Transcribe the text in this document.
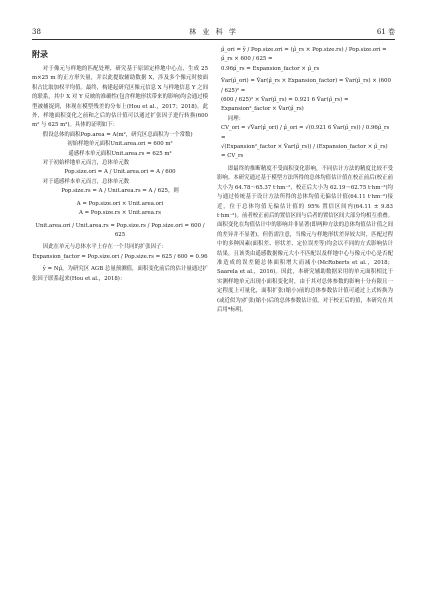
38	林 业 科 学	61 卷
附录

对于像元与样地的匹配处理，研究基于原固定样地中心点，生成 25 m×25 m 的正方形矢量，并以此提取辅助数据 X，涉及多个像元时按面积占比取加权平均值。最终，构建起研究区像元信息 X 与样地信息 Y 之间的联系，其中 X 对 Y 反映的准确性(包含样地形状带来的影响)均会通过模型被捕捉到，体现在模型残差的分布上(Hou et al.，2017；2018)。此外，样地面积变化之前和之后的估计值可以通过扩张因子进行转换(600 m² 与 625 m²)。具体的证明如下：

假设总体的面积Pop.area = A(m²，研究区总面积为一个常数)

初始样地单元面积Unit.area.ori = 600 m²

遥感样本单元面积Unit.area.rs = 625 m²

对于初始样地单元而言，总体单元数

Pop.size.ori = A / Unit.area.ori = A / 600

对于遥感样本单元而言，总体单元数

Pop.size.rs = A / Unit.area.rs = A / 625，则

A = Pop.size.ori × Unit.area.ori

A = Pop.size.rs × Unit.area.rs

Unit.area.ori / Unit.area.rs = Pop.size.rs / Pop.size.ori = 600 / 625

因此在单元与总体水平上存在一个共同的扩张因子：

Expansion_factor = Pop.size.ori / Pop.size.rs = 625 / 600 = 0.96

ŷ = Nμ̂，为研究区 AGB 总量预测值，面积变化前后的估计量通过扩张因子联系起来(Hou et al.，2018)：

μ̂_ori = ŷ / Pop.size.ori = (μ̂_rs × Pop.size.rs) / Pop.size.ori = μ̂_rs × 600 / 625 =

0.96μ̂_rs = Expansion_factor × μ̂_rs

V̂ar(μ̂_ori) = V̂ar(μ̂_rs × Expansion_factor) = V̂ar(μ̂_rs) × (600 / 625)² =

(600 / 625)² × V̂ar(μ̂_rs) = 0.921 6 V̂ar(μ̂_rs) =

Expansion²_factor × V̂ar(μ̂_rs)

同理：

CV_ori = √V̂ar(μ̂_ori) / μ̂_ori = √(0.921 6 V̂ar(μ̂_rs)) / 0.96μ̂_rs =

√(Expansion²_factor × V̂ar(μ̂_rs)) / (Expansion_factor × μ̂_rs) = CV_rs

即最终的推断精度不受面积变化影响，不同估计方法的精度比较不受影响。本研究通过基于模型方法所得的总体均值估计值在校正前后(校正前大小为 64.78～65.37 t·hm⁻²，校正后大小为 62.19～62.75 t·hm⁻²)均与通过传统基于设计方法所得的总体均值无偏估计值(64.11 t·hm⁻²)接近，位于总体均值无偏估计值的 95% 置信区间内(64.11 ± 9.83 t·hm⁻²)。前者校正前后的置信区间与后者的置信区间大部分均相互重叠。面积变化在均值估计中的影响并非显著(即两种方法的总体均值估计值之间的差异并不显著)，但仍需注意，当像元与样地形状差异较大时，匹配过程中的多种因素(面积差、形状差、定位误差等)均会以不同的方式影响估计结果，且该类由遥感数据像元大小不匹配以及样地中心与像元中心是否配准造成的误差随总体面积增大而减小(McRoberts et al.，2018；Saarela et al.，2016)。因此，本研究辅助数据采用的单元面积相比于实测样地单元出现小面积变化时，由于其对总体参数的影响十分有限且一定程度上可量化，面积扩张(缩小)前的总体参数估计值可通过上式转换为(或近似为)扩张(缩小)后的总体参数估计值。对于校正后的值，本研究在其后用*标明。
